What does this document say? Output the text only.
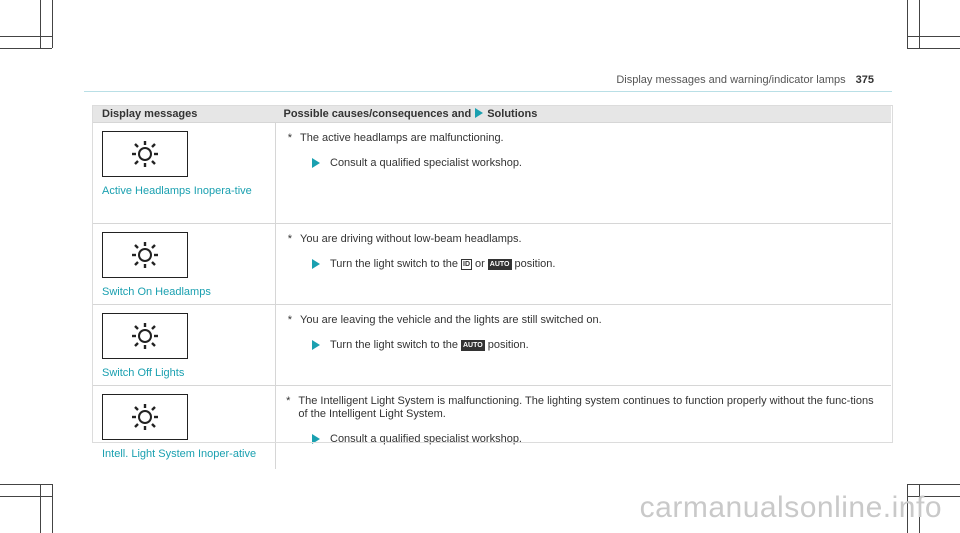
Display messages and warning/indicator lamps 375
Display messages	Possible causes/consequences and Solutions

Active Headlamps Inopera-tive	* The active headlamps are malfunctioning.
Consult a qualified specialist workshop.

Switch On Headlamps	* You are driving without low-beam headlamps.
Turn the light switch to the ID or AUTO position.

Switch Off Lights	* You are leaving the vehicle and the lights are still switched on.
Turn the light switch to the AUTO position.

Intell. Light System Inoper-ative	* The Intelligent Light System is malfunctioning. The lighting system continues to function properly without the func-tions of the Intelligent Light System.
Consult a qualified specialist workshop.
carmanualsonline.info
